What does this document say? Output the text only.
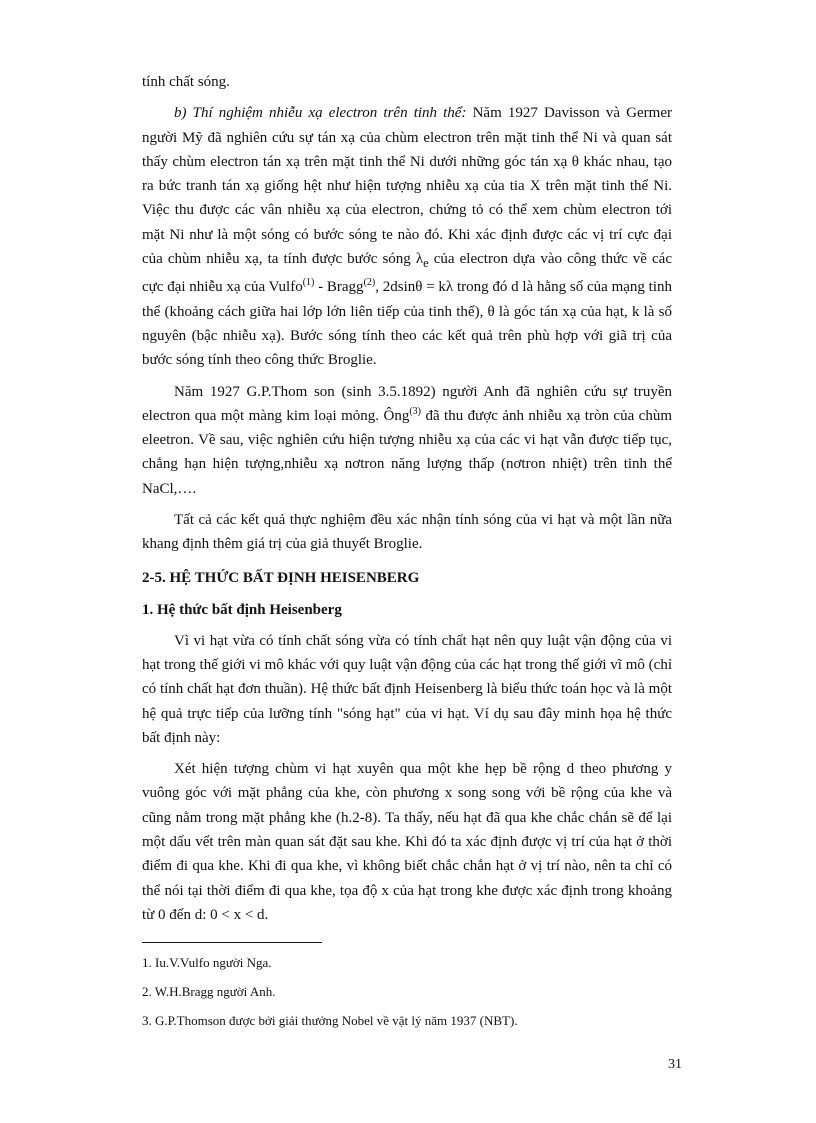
tính chất sóng.

b) Thí nghiệm nhiễu xạ electron trên tinh thể: Năm 1927 Davisson và Germer người Mỹ đã nghiên cứu sự tán xạ của chùm electron trên mặt tinh thể Ni và quan sát thấy chùm electron tán xạ trên mặt tinh thể Ni dưới những góc tán xạ θ khác nhau, tạo ra bức tranh tán xạ giống hệt như hiện tượng nhiễu xạ của tia X trên mặt tinh thể Ni. Việc thu được các vân nhiễu xạ của electron, chứng tỏ có thể xem chùm electron tới mặt Ni như là một sóng có bước sóng te nào đó. Khi xác định được các vị trí cực đại của chùm nhiễu xạ, ta tính được bước sóng $\lambda_e$ của electron dựa vào công thức về các cực đại nhiễu xạ của Vulfo$^{(1)}$ - Bragg$^{(2)}$, 2dsinθ = kλ trong đó d là hằng số của mạng tinh thể (khoảng cách giữa hai lớp lớn liên tiếp của tinh thể), θ là góc tán xạ của hạt, k là số nguyên (bậc nhiễu xạ). Bước sóng tính theo các kết quả trên phù hợp với giã trị của bước sóng tính theo công thức Broglie.

Năm 1927 G.P.Thom son (sinh 3.5.1892) người Anh đã nghiên cứu sự truyền electron qua một màng kim loại mỏng. Ông$^{(3)}$ đã thu được ảnh nhiễu xạ tròn của chùm eleetron. Về sau, việc nghiên cứu hiện tượng nhiễu xạ của các vi hạt vẫn được tiếp tục, chẳng hạn hiện tượng,nhiễu xạ nơtron năng lượng thấp (nơtron nhiệt) trên tinh thể NaCl,….

Tất cả các kết quả thực nghiệm đều xác nhận tính sóng của vi hạt và một lần nữa khang định thêm giá trị của giả thuyết Broglie.

2-5. HỆ THỨC BẤT ĐỊNH HEISENBERG

1. Hệ thức bất định Heisenberg

Vì vi hạt vừa có tính chất sóng vừa có tính chất hạt nên quy luật vận động của vi hạt trong thế giới vi mô khác với quy luật vận động của các hạt trong thế giới vĩ mô (chỉ có tính chất hạt đơn thuần). Hệ thức bất định Heisenberg là biểu thức toán học và là một hệ quả trực tiếp của lưỡng tính "sóng hạt" của vi hạt. Ví dụ sau đây minh họa hệ thức bất định này:

Xét hiện tượng chùm vi hạt xuyên qua một khe hẹp bề rộng d theo phương y vuông góc với mặt phẳng của khe, còn phương x song song với bề rộng của khe và cũng nằm trong mặt phẳng khe (h.2-8). Ta thấy, nếu hạt đã qua khe chắc chắn sẽ để lại một dấu vết trên màn quan sát đặt sau khe. Khi đó ta xác định được vị trí của hạt ở thời điểm đi qua khe. Khi đi qua khe, vì không biết chắc chắn hạt ở vị trí nào, nên ta chỉ có thể nói tại thời điểm đi qua khe, tọa độ x của hạt trong khe được xác định trong khoảng từ 0 đến d: 0 < x < d.

1. Iu.V.Vulfo người Nga.

2. W.H.Bragg người Anh.

3. G.P.Thomson được bởi giải thưởng Nobel về vật lý năm 1937 (NBT).

31
